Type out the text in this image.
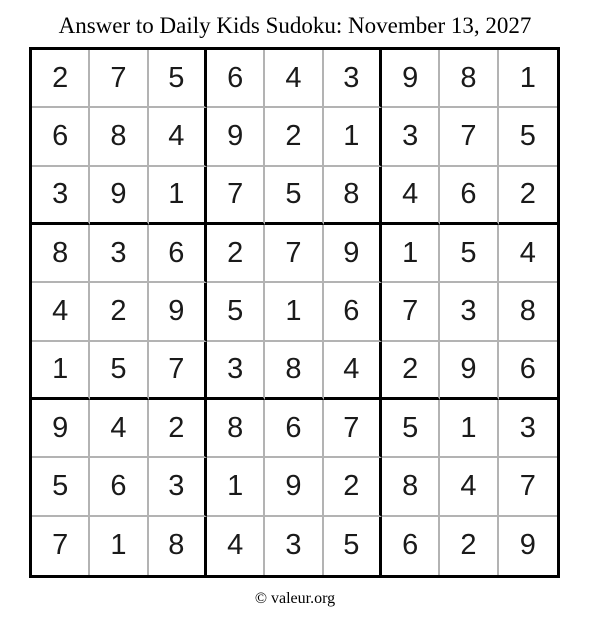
Answer to Daily Kids Sudoku: November 13, 2027
2	7	5	6	4	3	9	8	1
6	8	4	9	2	1	3	7	5
3	9	1	7	5	8	4	6	2
8	3	6	2	7	9	1	5	4
4	2	9	5	1	6	7	3	8
1	5	7	3	8	4	2	9	6
9	4	2	8	6	7	5	1	3
5	6	3	1	9	2	8	4	7
7	1	8	4	3	5	6	2	9
© valeur.org
